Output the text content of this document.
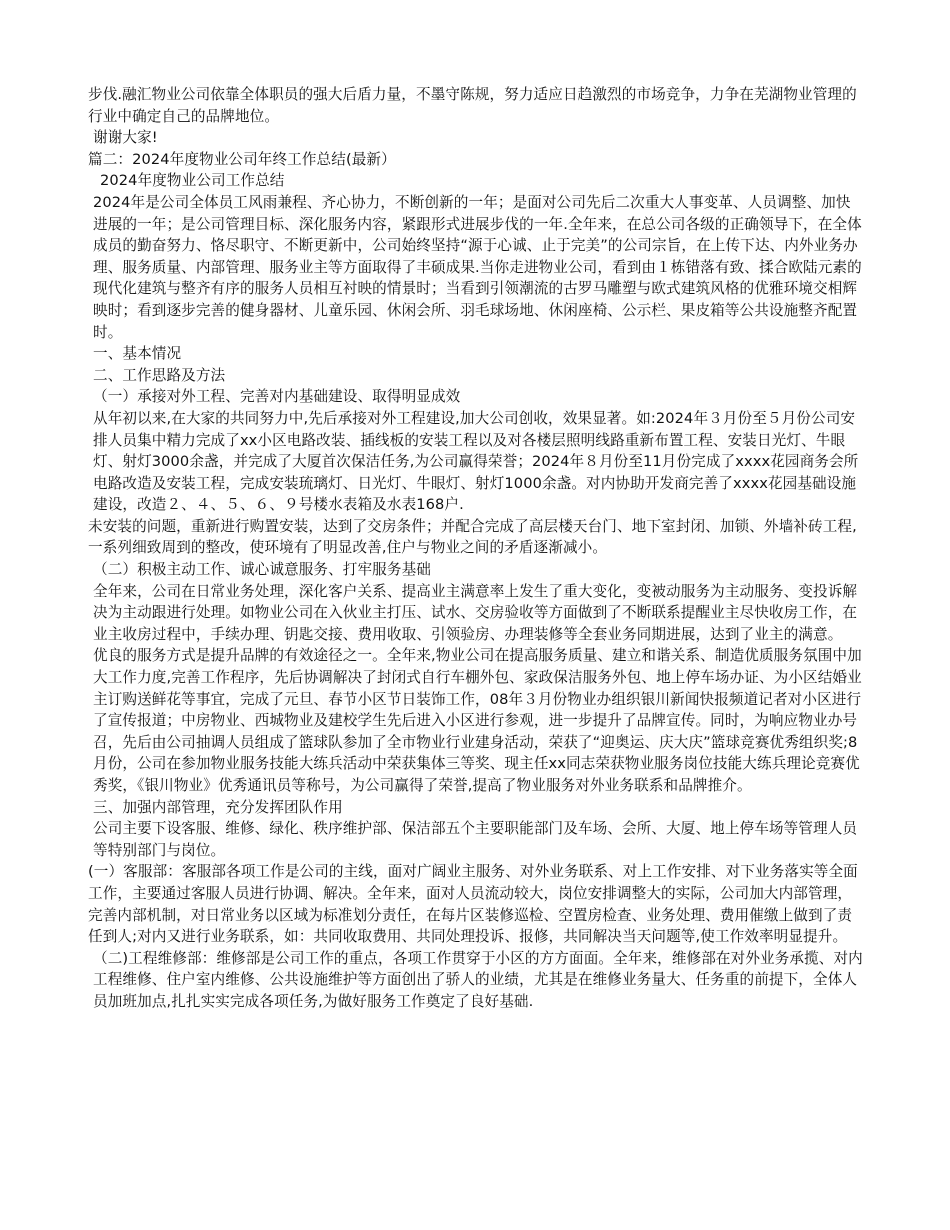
步伐.融汇物业公司依靠全体职员的强大后盾力量，不墨守陈规，努力适应日趋激烈的市场竞争，力争在芜湖物业管理的行业中确定自己的品牌地位。

谢谢大家!

篇二：2024年度物业公司年终工作总结(最新）

2024年度物业公司工作总结

2024年是公司全体员工风雨兼程、齐心协力，不断创新的一年；是面对公司先后二次重大人事变革、人员调整、加快进展的一年；是公司管理目标、深化服务内容，紧跟形式进展步伐的一年.全年来，在总公司各级的正确领导下，在全体成员的勤奋努力、恪尽职守、不断更新中，公司始终坚持“源于心诚、止于完美”的公司宗旨，在上传下达、内外业务办理、服务质量、内部管理、服务业主等方面取得了丰硕成果.当你走进物业公司，看到由１栋错落有致、揉合欧陆元素的现代化建筑与整齐有序的服务人员相互衬映的情景时；当看到引领潮流的古罗马雕塑与欧式建筑风格的优雅环境交相辉映时；看到逐步完善的健身器材、儿童乐园、休闲会所、羽毛球场地、休闲座椅、公示栏、果皮箱等公共设施整齐配置时。

一、基本情况

二、工作思路及方法

（一）承接对外工程、完善对内基础建设、取得明显成效

从年初以来,在大家的共同努力中,先后承接对外工程建设,加大公司创收，效果显著。如:2024年３月份至５月份公司安排人员集中精力完成了xx小区电路改装、插线板的安装工程以及对各楼层照明线路重新布置工程、安装日光灯、牛眼灯、射灯3000余盏，并完成了大厦首次保洁任务,为公司赢得荣誉；2024年８月份至11月份完成了xxxx花园商务会所电路改造及安装工程，完成安装琉璃灯、日光灯、牛眼灯、射灯1000余盏。对内协助开发商完善了xxxx花园基础设施建设，改造２、４、５、６、９号楼水表箱及水表168户.

未安装的问题，重新进行购置安装，达到了交房条件；并配合完成了高层楼天台门、地下室封闭、加锁、外墙补砖工程,一系列细致周到的整改，使环境有了明显改善,住户与物业之间的矛盾逐渐减小。

（二）积极主动工作、诚心诚意服务、打牢服务基础

全年来，公司在日常业务处理，深化客户关系、提高业主满意率上发生了重大变化，变被动服务为主动服务、变投诉解决为主动跟进行处理。如物业公司在入伙业主打压、试水、交房验收等方面做到了不断联系提醒业主尽快收房工作，在业主收房过程中，手续办理、钥匙交接、费用收取、引领验房、办理装修等全套业务同期进展，达到了业主的满意。

优良的服务方式是提升品牌的有效途径之一。全年来,物业公司在提高服务质量、建立和谐关系、制造优质服务氛围中加大工作力度,完善工作程序，先后协调解决了封闭式自行车棚外包、家政保洁服务外包、地上停车场办证、为小区结婚业主订购送鲜花等事宜，完成了元旦、春节小区节日装饰工作，08年３月份物业办组织银川新闻快报频道记者对小区进行了宣传报道；中房物业、西城物业及建校学生先后进入小区进行参观，进一步提升了品牌宣传。同时，为响应物业办号召，先后由公司抽调人员组成了篮球队参加了全市物业行业建身活动，荣获了“迎奥运、庆大庆”篮球竞赛优秀组织奖;8月份，公司在参加物业服务技能大练兵活动中荣获集体三等奖、现主任xx同志荣获物业服务岗位技能大练兵理论竞赛优秀奖，《银川物业》优秀通讯员等称号，为公司赢得了荣誉,提高了物业服务对外业务联系和品牌推介。

三、加强内部管理，充分发挥团队作用

公司主要下设客服、维修、绿化、秩序维护部、保洁部五个主要职能部门及车场、会所、大厦、地上停车场等管理人员等特别部门与岗位。

(一）客服部：客服部各项工作是公司的主线，面对广阔业主服务、对外业务联系、对上工作安排、对下业务落实等全面工作，主要通过客服人员进行协调、解决。全年来，面对人员流动较大，岗位安排调整大的实际，公司加大内部管理，完善内部机制，对日常业务以区域为标准划分责任，在每片区装修巡检、空置房检查、业务处理、费用催缴上做到了责任到人;对内又进行业务联系，如：共同收取费用、共同处理投诉、报修，共同解决当天问题等,使工作效率明显提升。

（二)工程维修部：维修部是公司工作的重点，各项工作贯穿于小区的方方面面。全年来，维修部在对外业务承揽、对内工程维修、住户室内维修、公共设施维护等方面创出了骄人的业绩，尤其是在维修业务量大、任务重的前提下，全体人员加班加点,扎扎实实完成各项任务,为做好服务工作奠定了良好基础.
